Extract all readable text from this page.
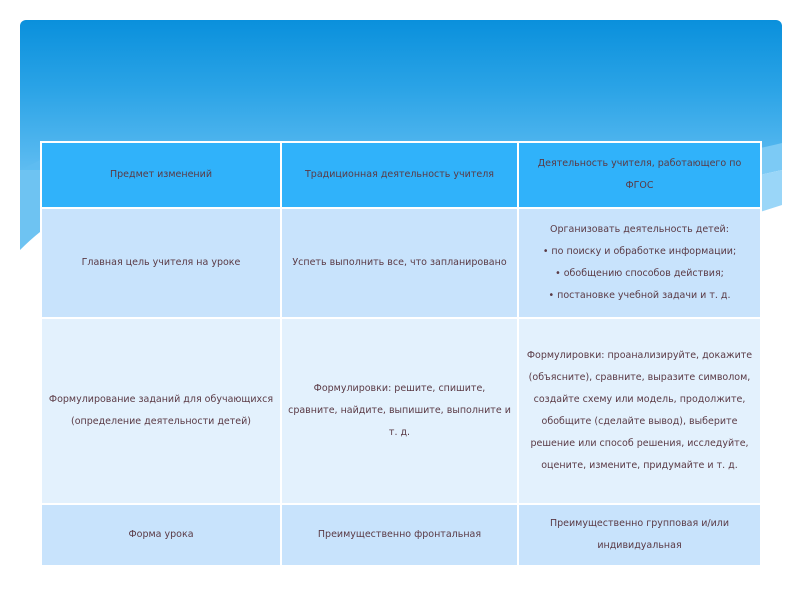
Предмет изменений	Традиционная деятельность учителя	Деятельность учителя, работающего по ФГОС
Главная цель учителя на уроке	Успеть выполнить все, что запланировано	Организовать деятельность детей:
• по поиску и обработке информации;
• обобщению способов действия;
• постановке учебной задачи и т. д.

Формулирование заданий для обучающихся (определение деятельности детей)	Формулировки: решите, спишите, сравните, найдите, выпишите, выполните и т. д.	Формулировки: проанализируйте, докажите (объясните), сравните, выразите символом, создайте схему или модель, продолжите, обобщите (сделайте вывод), выберите решение или способ решения, исследуйте, оцените, измените, придумайте и т. д.
Форма урока	Преимущественно фронтальная	Преимущественно групповая и/или индивидуальная
